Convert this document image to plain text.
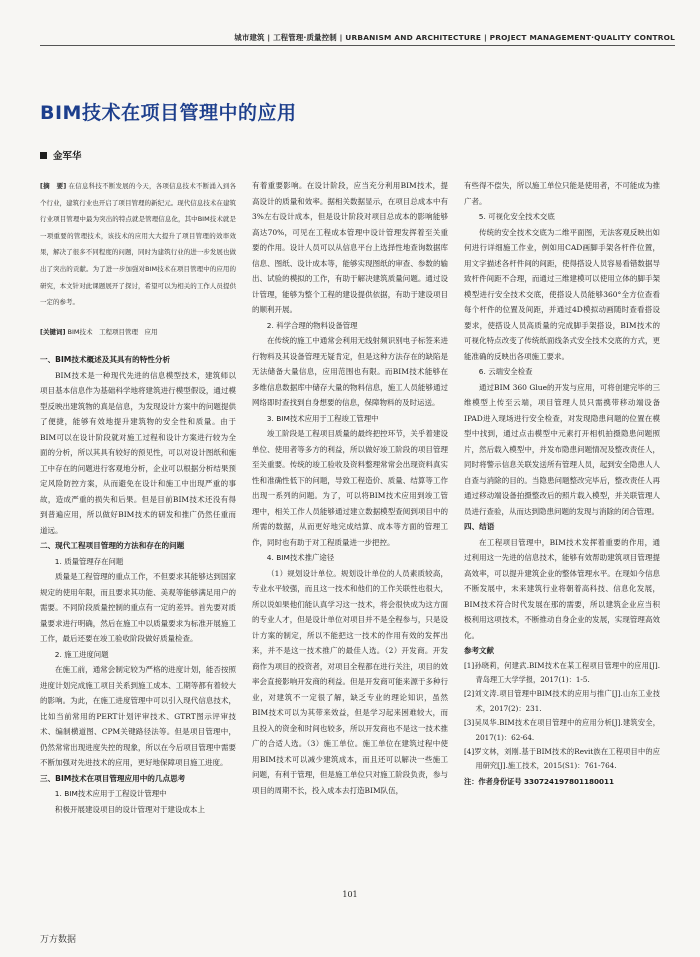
城市建筑 | 工程管理·质量控制 | URBANISM AND ARCHITECTURE | PROJECT MANAGEMENT·QUALITY CONTROL
BIM技术在项目管理中的应用
金军华
[摘　要] 在信息科技不断发展的今天，各项信息技术不断涌入到各个行业，建筑行业也开启了项目管理的新纪元。现代信息技术在建筑行业项目管理中最为突出的特点就是管理信息化，其中BIM技术就是一项重要的管理技术，该技术的应用大大提升了项目管理的效率效果，解决了很多不同程度的问题，同时为建筑行业的进一步发展也做出了突出的贡献。为了进一步加强对BIM技术在项目管理中的应用的研究，本文针对此课题展开了探讨，希望可以为相关的工作人员提供一定的参考。
[关键词] BIM技术　工程项目管理　应用

一、BIM技术概述及其具有的特性分析

BIM技术是一种现代先进的信息模型技术，建筑师以项目基本信息作为基础科学地将建筑进行模型假设，通过模型反映出建筑物的真是信息，为发现设计方案中的问题提供了便捷，能够有效地提升建筑物的安全性和质量。由于BIM可以在设计阶段就对施工过程和设计方案进行较为全面的分析，所以其具有较好的预见性，可以对设计图纸和施工中存在的问题进行客观地分析，企业可以根据分析结果预定风险防控方案，从而避免在设计和施工中出现严重的事故，造成严重的损失和后果。但是目前BIM技术还没有得到普遍应用，所以做好BIM技术的研发和推广仍然任重而道远。

二、现代工程项目管理的方法和存在的问题

1. 质量管理存在问题

质量是工程管理的重点工作，不但要求其能够达到国家规定的使用年限，而且要求其功能、美观等能够满足用户的需要。不同阶段质量控制的重点有一定的差异。首先要对质量要求进行明确，然后在施工中以质量要求为标准开展施工工作，最后还要在竣工验收阶段做好质量检查。

2. 施工进度问题

在施工前，通常会制定较为严格的进度计划，能否按照进度计划完成施工项目关系到施工成本、工期等都有着较大的影响。为此，在施工进度管理中可以引入现代信息技术，比如当前常用的PERT计划评审技术、GTRT图示评审技术、编制横道图、CPM关键路径法等。但是项目管理中，仍然常常出现进度失控的现象，所以在今后项目管理中需要不断加强对先进技术的应用，更好地保障项目施工进度。

三、BIM技术在项目管理应用中的几点思考

1. BIM技术应用于工程设计管理中

积极开展建设项目的设计管理对于建设成本上

有着重要影响。在设计阶段，应当充分利用BIM技术，提高设计的质量和效率。据相关数据显示，在项目总成本中有3%左右设计成本，但是设计阶段对项目总成本的影响能够高达70%，可见在工程成本管理中设计管理发挥着至关重要的作用。设计人员可以从信息平台上选择性地查询数据库信息、图纸、设计成本等，能够实现图纸的审查、参数的输出、试验的模拟的工作，有助于解决建筑质量问题。通过设计管理，能够为整个工程的建设提供依据，有助于建设项目的顺利开展。

2. 科学合理的物料设备管理

在传统的施工中通常会利用无线射频识别电子标签来进行物料及其设备管理无疑肯定，但是这种方法存在的缺陷是无法储备大量信息，应用范围也有限。而BIM技术能够在多维信息数据库中储存大量的物料信息，施工人员能够通过网络即时查找到自身想要的信息，保障物料的及时运送。

3. BIM技术应用于工程竣工管理中

竣工阶段是工程项目质量的最终把控环节，关乎着建设单位、使用者等多方的利益，所以做好竣工阶段的项目管理至关重要。传统的竣工验收及资料整理常常会出现资料真实性和准确性低下的问题，导致工程造价、质量、结算等工作出现一系列的问题。为了，可以将BIM技术应用到竣工管理中，相关工作人员能够通过建立数据模型查阅到项目中的所需的数据，从而更好地完成结算、成本等方面的管理工作，同时也有助于对工程质量进一步把控。

4. BIM技术推广途径

（1）规划设计单位。规划设计单位的人员素质较高，专业水平较强，而且这一技术和他们的工作关联性也很大，所以说如果他们能认真学习这一技术，将会很快成为这方面的专业人才，但是设计单位对项目并不是全程参与，只是设计方案的制定，所以不能把这一技术的作用有效的发挥出来，并不是这一技术推广的最佳人选。（2）开发商。开发商作为项目的投资者，对项目全程都在进行关注，项目的效率会直接影响开发商的利益。但是开发商可能来源于多种行业，对建筑不一定很了解，缺乏专业的理论知识，虽然BIM技术可以为其带来效益，但是学习起来困难较大，而且投入的资金和时间也较多，所以开发商也不是这一技术推广的合适人选。（3）施工单位。施工单位在建筑过程中使用BIM技术可以减少建筑成本，而且还可以解决一些施工问题，有利于管理，但是施工单位只对施工阶段负责，参与项目的周期不长，投入成本去打造BIM队伍，

有些得不偿失，所以施工单位只能是使用者，不可能成为推广者。

5. 可视化安全技术交底

传统的安全技术交底为二维平面图，无法客观反映出如何进行详细施工作业，例如用CAD画脚手架各杆件位置，用文字描述各杆件间的间距，使得搭设人员容易看错数据导致杆件间距不合理，而通过三维建模可以使用立体的脚手架模型进行安全技术交底，使搭设人员能够360°全方位查看每个杆件的位置及间距，并通过4D模拟动画随时查看搭设要求，使搭设人员高质量的完成脚手架搭设，BIM技术的可视化特点改变了传统纸面线条式安全技术交底的方式，更能准确的反映出各项施工要求。

6. 云端安全检查

通过BIM 360 Glue的开发与应用，可将创建完毕的三维模型上传至云端，项目管理人员只需携带移动端设备IPAD进入现场进行安全检查，对发现隐患问题的位置在模型中找到，通过点击模型中元素打开相机拍摄隐患问题照片，然后载入模型中，并发布隐患问题情况及整改责任人，同时将警示信息关联发送所有管理人员，起到安全隐患人人自查与消除的目的。当隐患问题整改完毕后，整改责任人再通过移动端设备拍摄整改后的照片载入模型，并关联管理人员进行查验，从而达到隐患问题的发现与消除的闭合管理。

四、结语

在工程项目管理中，BIM技术发挥着重要的作用，通过利用这一先进的信息技术，能够有效帮助建筑项目管理提高效率，可以提升建筑企业的整体管理水平。在现如今信息不断发展中，未来建筑行业将朝着高科技、信息化发展，BIM技术符合时代发展在那的需要，所以建筑企业应当积极利用这项技术，不断推动自身企业的发展，实现管理高效化。

参考文献

[1]孙晓莉，何建武.BIM技术在某工程项目管理中的应用[J].青岛理工大学学报，2017(1)：1-5.

[2]刘文涛.项目管理中BIM技术的应用与推广[J].山东工业技术，2017(2)：231.

[3]吴凤华.BIM技术在项目管理中的应用分析[J].建筑安全，2017(1)：62-64.

[4]罗文林，刘刚.基于BIM技术的Revit族在工程项目中的应用研究[J].施工技术，2015(S1)：761-764.

注：作者身份证号 330724197801180011

101
万方数据
